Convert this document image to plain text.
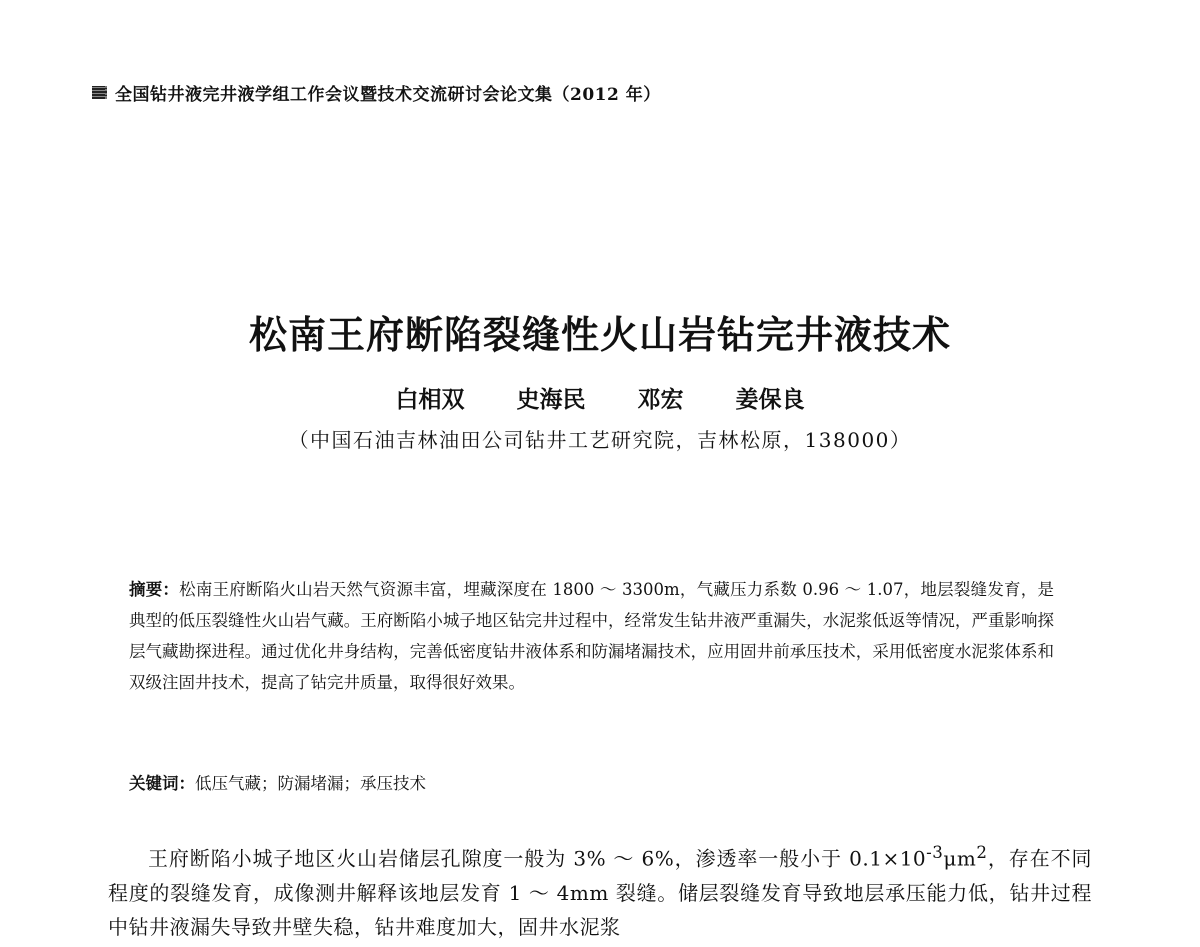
全国钻井液完井液学组工作会议暨技术交流研讨会论文集（2012 年）
松南王府断陷裂缝性火山岩钻完井液技术
白相双 史海民 邓宏 姜保良
（中国石油吉林油田公司钻井工艺研究院，吉林松原，138000）
摘要：松南王府断陷火山岩天然气资源丰富，埋藏深度在 1800 ～ 3300m，气藏压力系数 0.96 ～ 1.07，地层裂缝发育，是典型的低压裂缝性火山岩气藏。王府断陷小城子地区钻完井过程中，经常发生钻井液严重漏失，水泥浆低返等情况，严重影响探层气藏勘探进程。通过优化井身结构，完善低密度钻井液体系和防漏堵漏技术，应用固井前承压技术，采用低密度水泥浆体系和双级注固井技术，提高了钻完井质量，取得很好效果。
关键词：低压气藏；防漏堵漏；承压技术
王府断陷小城子地区火山岩储层孔隙度一般为 3% ～ 6%，渗透率一般小于 $0.1\times 10^{-3}\mu m^2$，存在不同程度的裂缝发育，成像测井解释该地层发育 1 ～ 4mm 裂缝。储层裂缝发育导致地层承压能力低，钻井过程中钻井液漏失导致井壁失稳，钻井难度加大，固井水泥浆
